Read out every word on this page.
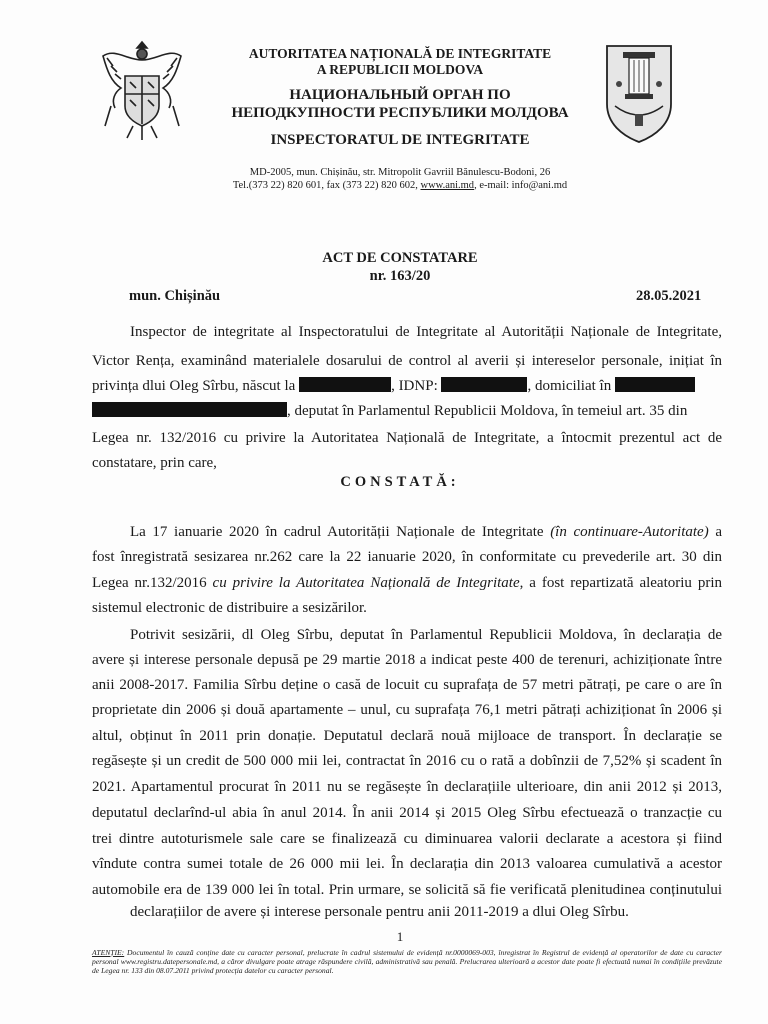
AUTORITATEA NAȚIONALĂ DE INTEGRITATE
A REPUBLICII MOLDOVA
НАЦИОНАЛЬНЫЙ ОРГАН ПО
НЕПОДКУПНОСТИ РЕСПУБЛИКИ МОЛДОВА
INSPECTORATUL DE INTEGRITATE
MD-2005, mun. Chișinău, str. Mitropolit Gavriil Bănulescu-Bodoni, 26
Tel.(373 22) 820 601, fax (373 22) 820 602, www.ani.md, e-mail: info@ani.md
ACT DE CONSTATARE
nr. 163/20
mun. Chișinău	28.05.2021
Inspector de integritate al Inspectoratului de Integritate al Autorității Naționale de Integritate,
Victor Rența, examinând materialele dosarului de control al averii și intereselor personale, inițiat în
privința dlui Oleg Sîrbu, născut la	, IDNP:	, domiciliat în
, deputat în Parlamentul Republicii Moldova, în temeiul art. 35 din
Legea nr. 132/2016 cu privire la Autoritatea Națională de Integritate, a întocmit prezentul act de
constatare, prin care,
CONSTATĂ:
La 17 ianuarie 2020 în cadrul Autorității Naționale de Integritate (în continuare-Autoritate) a
fost înregistrată sesizarea nr.262 care la 22 ianuarie 2020, în conformitate cu prevederile art. 30 din
Legea nr.132/2016 cu privire la Autoritatea Națională de Integritate, a fost repartizată aleatoriu prin
sistemul electronic de distribuire a sesizărilor.
Potrivit sesizării, dl Oleg Sîrbu, deputat în Parlamentul Republicii Moldova, în declarația de
avere și interese personale depusă pe 29 martie 2018 a indicat peste 400 de terenuri, achiziționate între
anii 2008-2017. Familia Sîrbu deține o casă de locuit cu suprafața de 57 metri pătrați, pe care o are în
proprietate din 2006 și două apartamente – unul, cu suprafața 76,1 metri pătrați achiziționat în 2006 și
altul, obținut în 2011 prin donație. Deputatul declară nouă mijloace de transport. În declarație se
regăsește și un credit de 500 000 mii lei, contractat în 2016 cu o rată a dobînzii de 7,52% și scadent în
2021. Apartamentul procurat în 2011 nu se regăsește în declarațiile ulterioare, din anii 2012 și 2013,
deputatul declarînd-ul abia în anul 2014. În anii 2014 și 2015 Oleg Sîrbu efectuează o tranzacție cu
trei dintre autoturismele sale care se finalizează cu diminuarea valorii declarate a acestora și fiind
vîndute contra sumei totale de 26 000 mii lei. În declarația din 2013 valoarea cumulativă a acestor
automobile era de 139 000 lei în total. Prin urmare, se solicită să fie verificată plenitudinea conținutului
declarațiilor de avere și interese personale pentru anii 2011-2019 a dlui Oleg Sîrbu.
1
ATENȚIE: Documentul în cauză conține date cu caracter personal, prelucrate în cadrul sistemului de evidență nr.0000069-003, înregistrat în Registrul de evidență al operatorilor de date cu caracter personal www.registru.datepersonale.md, a căror divulgare poate atrage răspundere civilă, administrativă sau penală. Prelucrarea ulterioară a acestor date poate fi efectuată numai în condițiile prevăzute de Legea nr. 133 din 08.07.2011 privind protecția datelor cu caracter personal.
